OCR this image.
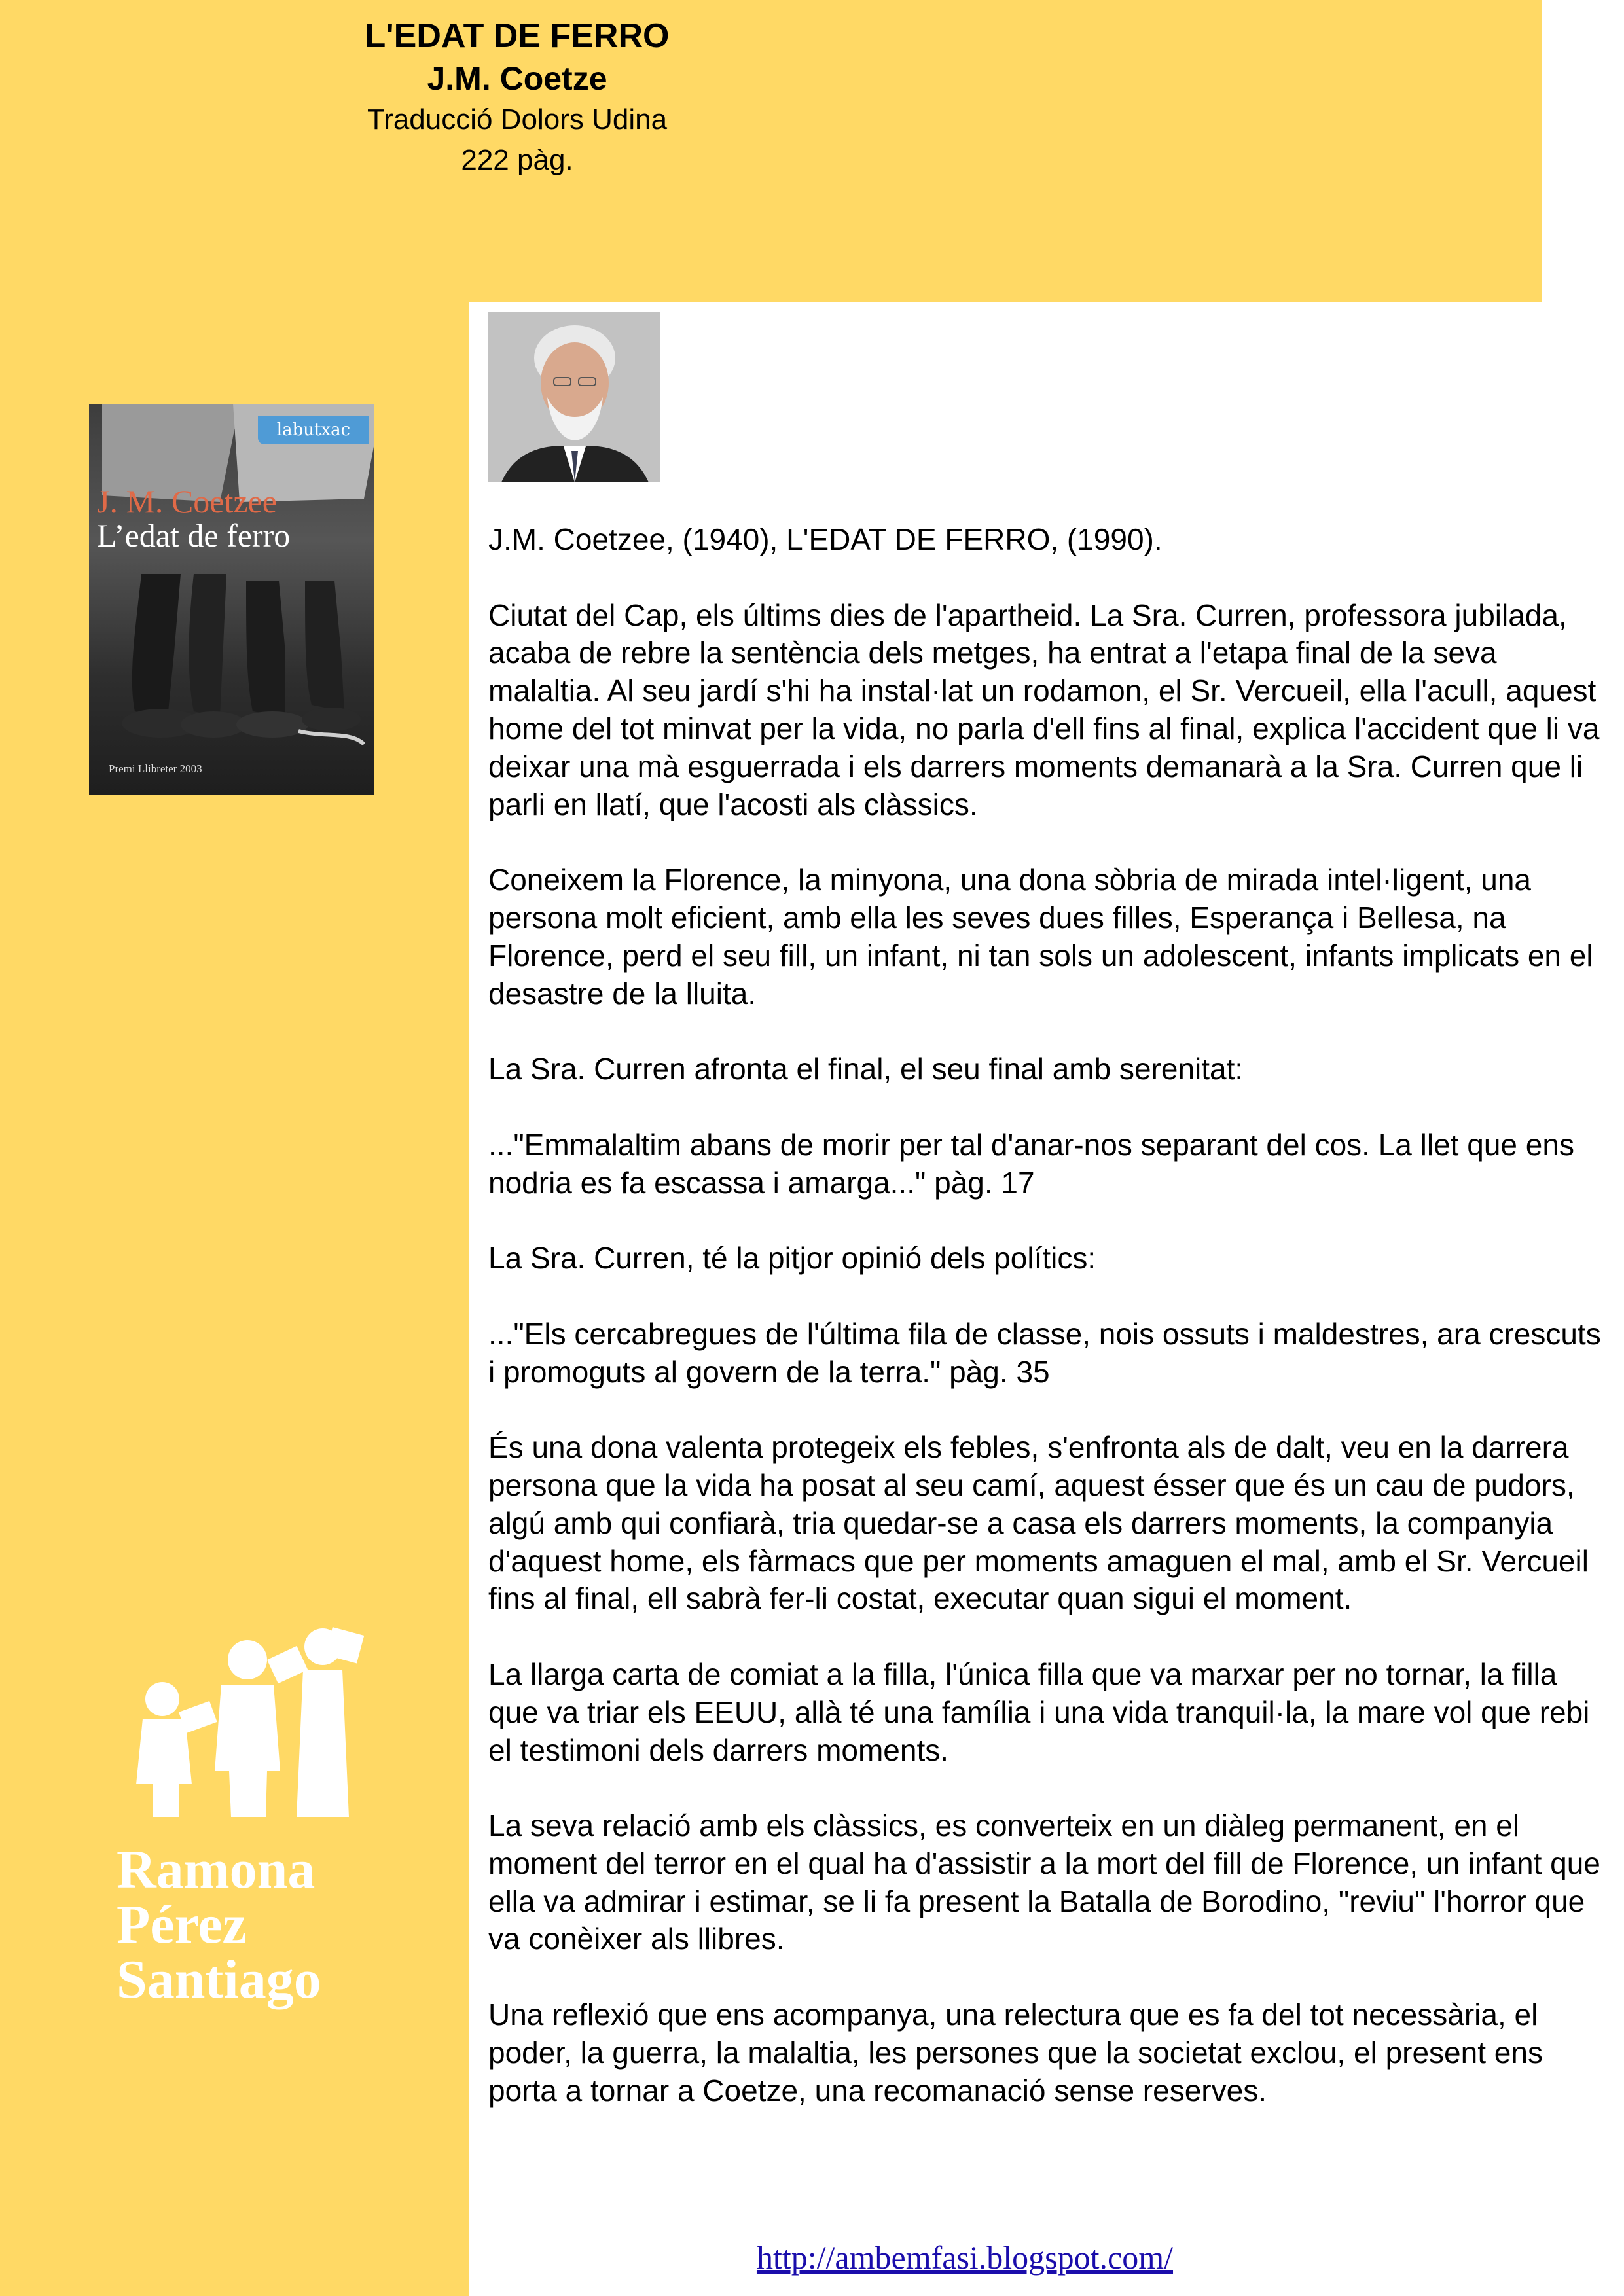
L'EDAT DE FERRO
J.M. Coetze
Traducció Dolors Udina
222 pàg.
labutxac
J. M. Coetzee
L’edat de ferro
Premi Llibreter 2003

J.M. Coetzee, (1940), L'EDAT DE FERRO, (1990).

Ciutat del Cap, els últims dies de l'apartheid. La Sra. Curren, professora jubilada, acaba de rebre la sentència dels metges, ha entrat a l'etapa final de la seva malaltia. Al seu jardí s'hi ha instal·lat un rodamon, el Sr. Vercueil, ella l'acull, aquest home del tot minvat per la vida, no parla d'ell fins al final, explica l'accident que li va deixar una mà esguerrada i els darrers moments demanarà a la Sra. Curren que li parli en llatí, que l'acosti als clàssics.

Coneixem la Florence, la minyona, una dona sòbria de mirada intel·ligent, una persona molt eficient, amb ella les seves dues filles, Esperança i Bellesa, na Florence, perd el seu fill, un infant, ni tan sols un adolescent, infants implicats en el desastre de la lluita.

La Sra. Curren afronta el final, el seu final amb serenitat:

..."Emmalaltim abans de morir per tal d'anar-nos separant del cos. La llet que ens nodria es fa escassa i amarga..." pàg. 17

La Sra. Curren, té la pitjor opinió dels polítics:

..."Els cercabregues de l'última fila de classe, nois ossuts i maldestres, ara crescuts i promoguts al govern de la terra." pàg. 35

És una dona valenta protegeix els febles, s'enfronta als de dalt, veu en la darrera persona que la vida ha posat al seu camí, aquest ésser que és un cau de pudors, algú amb qui confiarà, tria quedar-se a casa els darrers moments, la companyia d'aquest home, els fàrmacs que per moments amaguen el mal, amb el Sr. Vercueil fins al final, ell sabrà fer-li costat, executar quan sigui el moment.

La llarga carta de comiat a la filla, l'única filla que va marxar per no tornar, la filla que va triar els EEUU, allà té una família i una vida tranquil·la, la mare vol que rebi el testimoni dels darrers moments.

La seva relació amb els clàssics, es converteix en un diàleg permanent, en el moment del terror en el qual ha d'assistir a la mort del fill de Florence, un infant que ella va admirar i estimar, se li fa present la Batalla de Borodino, "reviu" l'horror que va conèixer als llibres.

Una reflexió que ens acompanya, una relectura que es fa del tot necessària, el poder, la guerra, la malaltia, les persones que la societat exclou, el present ens porta a tornar a Coetze, una recomanació sense reserves.

Ramona
Pérez
Santiago
http://ambemfasi.blogspot.com/
